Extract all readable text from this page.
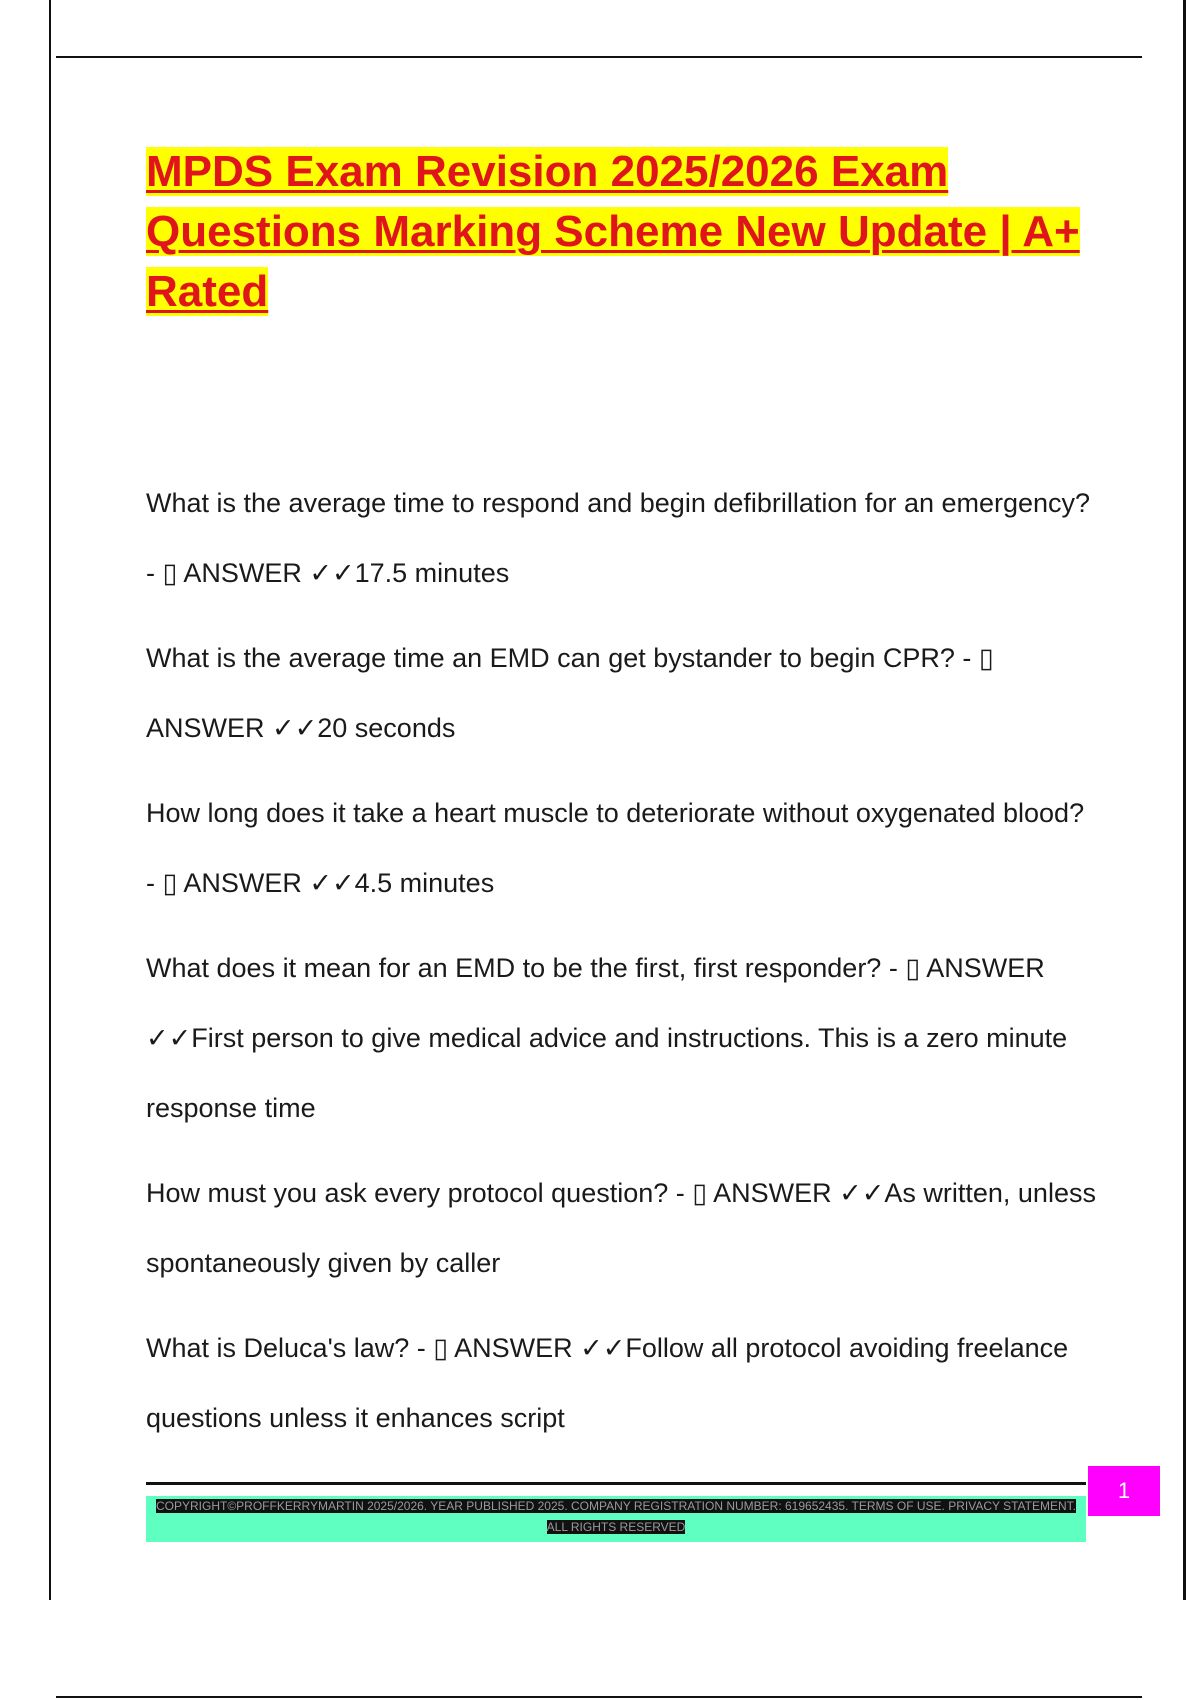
MPDS Exam Revision 2025/2026 Exam Questions Marking Scheme New Update | A+ Rated

What is the average time to respond and begin defibrillation for an emergency? - ▯ ANSWER ✓✓17.5 minutes

What is the average time an EMD can get bystander to begin CPR? - ▯ ANSWER ✓✓20 seconds

How long does it take a heart muscle to deteriorate without oxygenated blood? - ▯ ANSWER ✓✓4.5 minutes

What does it mean for an EMD to be the first, first responder? - ▯ ANSWER ✓✓First person to give medical advice and instructions. This is a zero minute response time

How must you ask every protocol question? - ▯ ANSWER ✓✓As written, unless spontaneously given by caller

What is Deluca's law? - ▯ ANSWER ✓✓Follow all protocol avoiding freelance questions unless it enhances script

COPYRIGHT©PROFFKERRYMARTIN 2025/2026. YEAR PUBLISHED 2025. COMPANY REGISTRATION NUMBER: 619652435. TERMS OF USE. PRIVACY STATEMENT. ALL RIGHTS RESERVED
1
